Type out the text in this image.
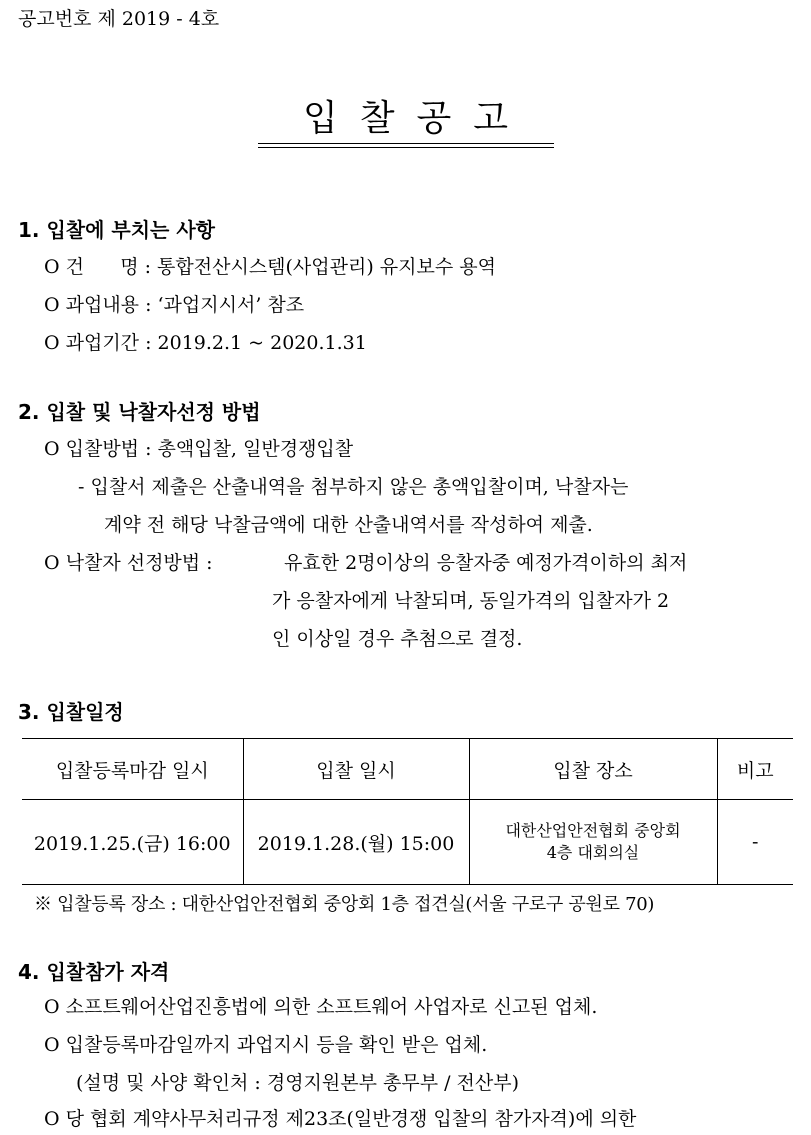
공고번호 제 2019 - 4호
입찰공고
1. 입찰에 부치는 사항
O 건      명 : 통합전산시스템(사업관리) 유지보수 용역
O 과업내용 : ‘과업지시서’ 참조
O 과업기간 : 2019.2.1 ~ 2020.1.31
2. 입찰 및 낙찰자선정 방법
O 입찰방법 : 총액입찰, 일반경쟁입찰
- 입찰서 제출은 산출내역을 첨부하지 않은 총액입찰이며, 낙찰자는
계약 전 해당 낙찰금액에 대한 산출내역서를 작성하여 제출.
O 낙찰자 선정방법 :	유효한 2명이상의 응찰자중 예정가격이하의 최저
가 응찰자에게 낙찰되며, 동일가격의 입찰자가 2
인 이상일 경우 추첨으로 결정.
3. 입찰일정
입찰등록마감 일시	입찰 일시	입찰 장소	비고
2019.1.25.(금) 16:00	2019.1.28.(월) 15:00	대한산업안전협회 중앙회
4층 대회의실	-
※ 입찰등록 장소 : 대한산업안전협회 중앙회 1층 접견실(서울 구로구 공원로 70)
4. 입찰참가 자격
O 소프트웨어산업진흥법에 의한 소프트웨어 사업자로 신고된 업체.
O 입찰등록마감일까지 과업지시 등을 확인 받은 업체.
(설명 및 사양 확인처 : 경영지원본부 총무부 / 전산부)
O 당 협회 계약사무처리규정 제23조(일반경쟁 입찰의 참가자격)에 의한
